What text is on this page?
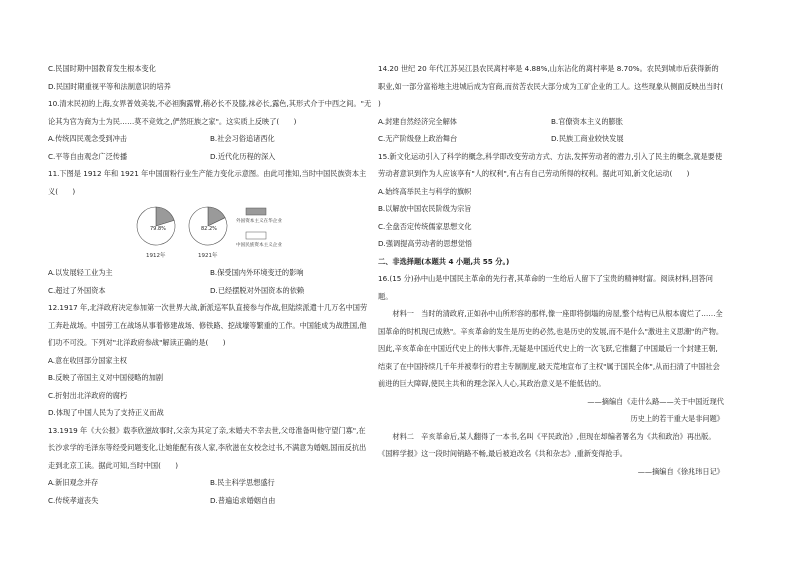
C.民国时期中国教育发生根本变化
D.民国时期重视平等和法制意识的培养
10.清末民初的上海,女界普效美装,不必袒胸露臂,稍必长不及膝,袜必长,露色,其形式介于中西之间。"无论其为官为商为士为民……莫不竞效之,俨然旺族之家"。这实质上反映了(　　)
A.传统四民观念受到冲击	B.社会习俗追诸西化
C.平等自由观念广泛传播	D.近代化历程的深入
11.下图是 1912 年和 1921 年中国面粉行业生产能力变化示意图。由此可推知,当时中国民族资本主义(　　)
1912年	1921年
79.8%	82.2%
外国资本主义在华企业
中国民族资本主义企业
A.以发展轻工业为主	B.保受国内外环境变迁的影响
C.超过了外国资本	D.已经摆脱对外国资本的依赖
12.1917 年,北洋政府决定参加第一次世界大战,新派巡军队直接参与作战,但陆续派遣十几万名中国劳工奔赴战场。中国劳工在战场从事着修建战场、修铁路、挖战壕等繁重的工作。中国能成为战胜国,他们功不可没。下列对"北洋政府参战"解读正确的是(　　)
A.意在收回部分国家主权
B.反映了帝国主义对中国侵略的加剧
C.折射出北洋政府的腐朽
D.体现了中国人民为了支持正义而战
13.1919 年《大公报》载李欣滋故事时,父亲为其定了亲,未婚夫不幸去世,父母准备叫他守望门寡",在长沙求学的毛泽东等经受问题变化,让她能配有孩人家,李欣滋在女校念过书,不满意为婚姻,国而反抗出走到北京工读。据此可知,当时中国(　　)
A.新旧观念并存	B.民主科学思想盛行
C.传统孝道丧失	D.普遍追求婚姻自由
14.20 世纪 20 年代江苏吴江县农民离村率是 4.88%,山东沾化的离村率是 8.70%。农民到城市后获得新的职业,如一部分富裕地主进城后成为官商,而贫苦农民大部分成为工矿企业的工人。这些现象从侧面反映出当时(　　)
A.封建自然经济完全解体	B.官僚资本主义的膨胀
C.无产阶级登上政治舞台	D.民族工商业较快发展
15.新文化运动引入了科学的概念,科学即改变劳动方式、方法,发挥劳动者的潜力,引入了民主的概念,就是要使劳动者意识到作为人应该享有"人的权利",有占有自己劳动所得的权利。据此可知,新文化运动(　　)
A.始终高举民主与科学的旗帜
B.以解放中国农民阶级为宗旨
C.全盘否定传统儒家思想文化
D.强调提高劳动者的思想觉悟
二、非选择题(本题共 4 小题,共 55 分。)
16.(15 分)孙中山是中国民主革命的先行者,其革命的一生给后人留下了宝贵的精神财富。阅读材料,回答问题。
材料一　 当时的清政府,正如孙中山所形容的那样,像一座即将倒塌的房屋,整个结构已从根本腐烂了……全国革命的时机现已成熟"。辛亥革命的发生是历史的必然,也是历史的发展,而不是什么"激进主义思潮"的产物。因此,辛亥革命在中国近代史上的伟大事件,无疑是中国近代史上的一次飞跃,它推翻了中国最后一个封建王朝,结束了在中国持续几千年并被奉行的君主专制制度,破天荒地宣布了主权"属于国民全体",从而扫清了中国社会前进的巨大障碍,使民主共和的理念深入人心,其政治意义是不能低估的。
——摘编自《走什么路——关于中国近现代
历史上的若干重大是非问题》
材料二　 辛亥革命后,某人翻得了一本书,名叫《平民政治》,但现在却编者署名为《共和政治》再出版。《国粹学报》这一段时间销路不畅,最后被迫改名《共和杂志》,重新变得抢手。
——摘编自《徐兆玮日记》
